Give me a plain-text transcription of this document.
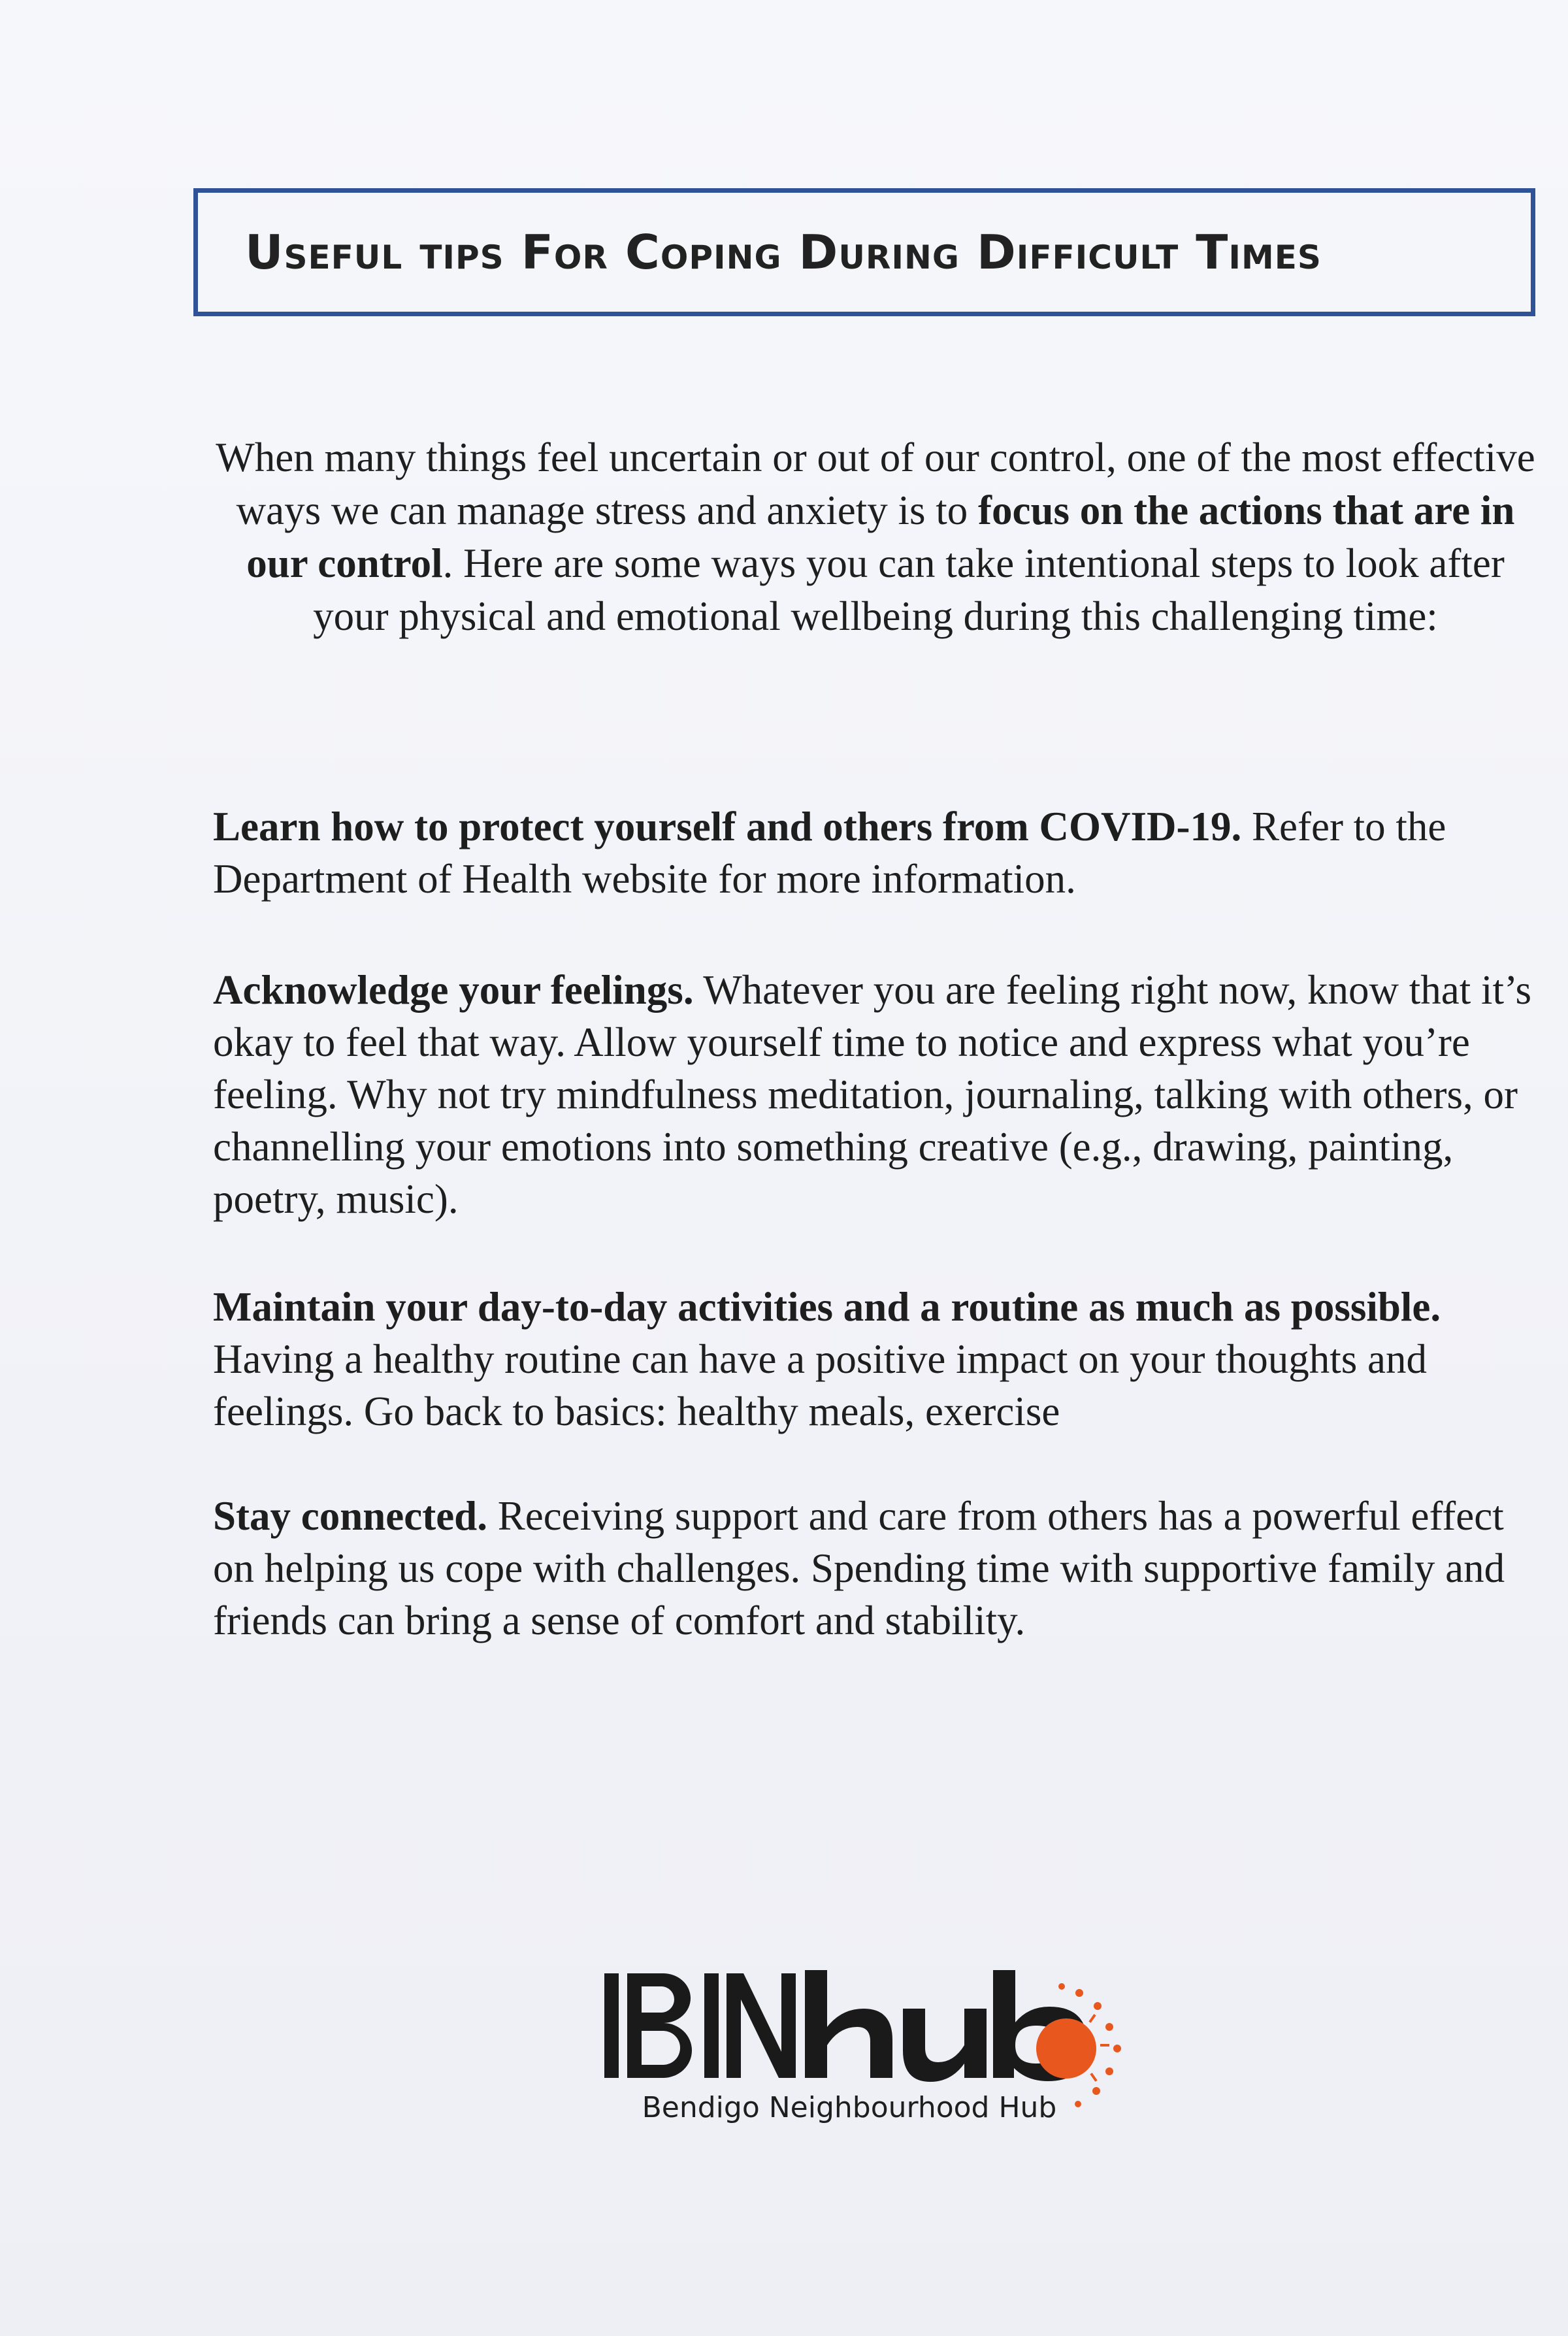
Useful tips For Coping During Difficult Times

When many things feel uncertain or out of our control, one of the most effective ways we can manage stress and anxiety is to focus on the actions that are in our control. Here are some ways you can take intentional steps to look after your physical and emotional wellbeing during this challenging time:

Learn how to protect yourself and others from COVID-19. Refer to the Department of Health website for more information.

Acknowledge your feelings. Whatever you are feeling right now, know that it’s okay to feel that way. Allow yourself time to notice and express what you’re feeling. Why not try mindfulness meditation, journaling, talking with others, or channelling your emotions into something creative (e.g., drawing, painting, poetry, music).

Maintain your day-to-day activities and a routine as much as possible. Having a healthy routine can have a positive impact on your thoughts and feelings. Go back to basics: healthy meals, exercise

Stay connected. Receiving support and care from others has a powerful effect on helping us cope with challenges. Spending time with supportive family and friends can bring a sense of comfort and stability.

Bendigo Neighbourhood Hub
